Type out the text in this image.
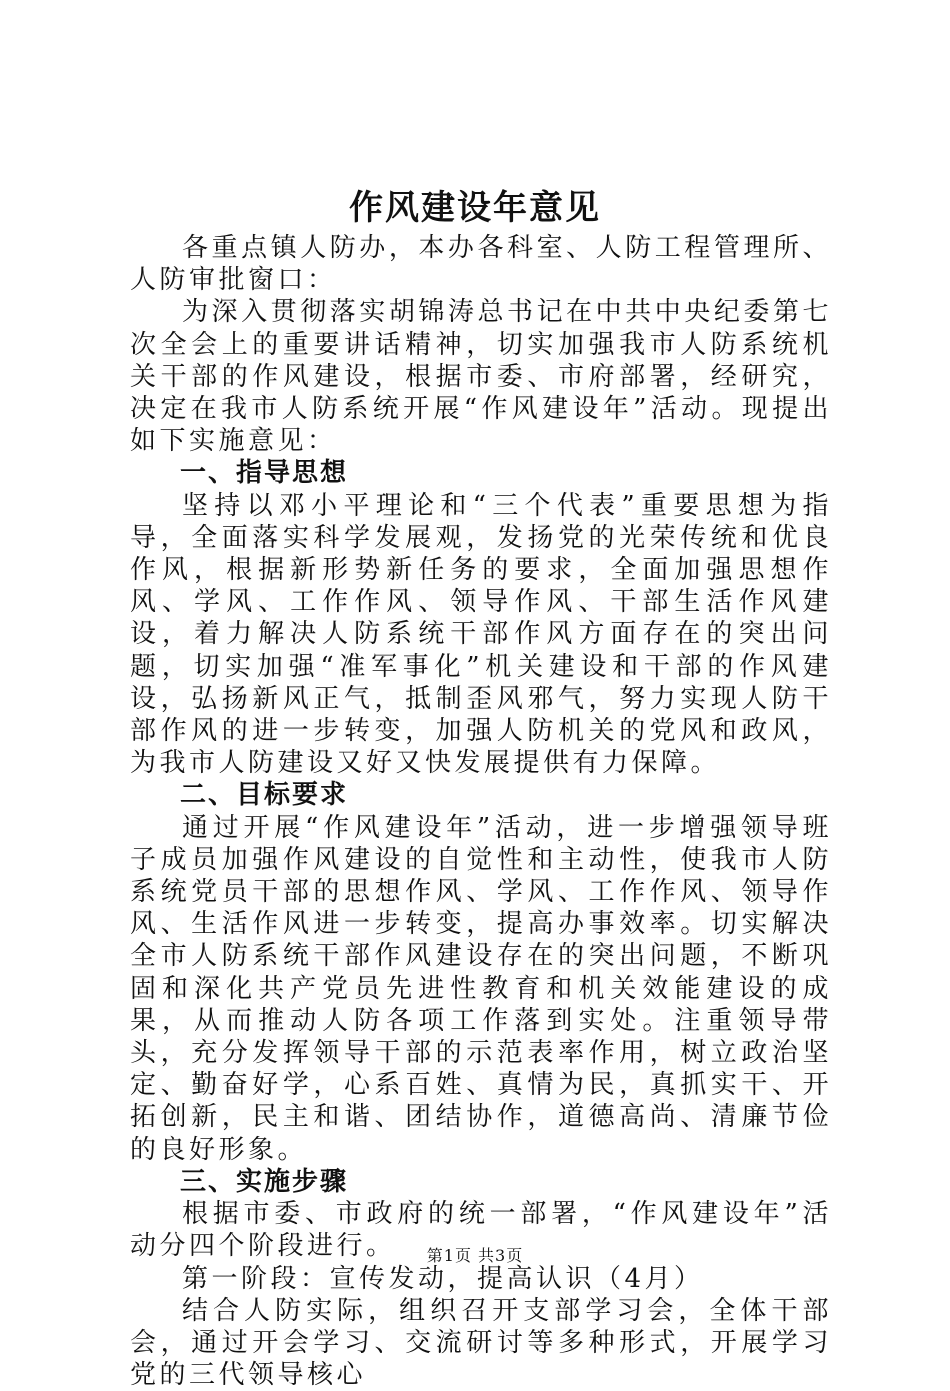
作风建设年意见

各重点镇人防办，本办各科室、人防工程管理所、人防审批窗口：

为深入贯彻落实胡锦涛总书记在中共中央纪委第七次全会上的重要讲话精神，切实加强我市人防系统机关干部的作风建设，根据市委、市府部署，经研究，决定在我市人防系统开展“作风建设年”活动。现提出如下实施意见：

一、指导思想

坚持以邓小平理论和“三个代表”重要思想为指导，全面落实科学发展观，发扬党的光荣传统和优良作风，根据新形势新任务的要求，全面加强思想作风、学风、工作作风、领导作风、干部生活作风建设，着力解决人防系统干部作风方面存在的突出问题，切实加强“准军事化”机关建设和干部的作风建设，弘扬新风正气，抵制歪风邪气，努力实现人防干部作风的进一步转变，加强人防机关的党风和政风，为我市人防建设又好又快发展提供有力保障。

二、目标要求

通过开展“作风建设年”活动，进一步增强领导班子成员加强作风建设的自觉性和主动性，使我市人防系统党员干部的思想作风、学风、工作作风、领导作风、生活作风进一步转变，提高办事效率。切实解决全市人防系统干部作风建设存在的突出问题，不断巩固和深化共产党员先进性教育和机关效能建设的成果，从而推动人防各项工作落到实处。注重领导带头，充分发挥领导干部的示范表率作用，树立政治坚定、勤奋好学，心系百姓、真情为民，真抓实干、开拓创新，民主和谐、团结协作，道德高尚、清廉节俭的良好形象。

三、实施步骤

根据市委、市政府的统一部署，“作风建设年”活动分四个阶段进行。

第一阶段：宣传发动，提高认识（4月）

结合人防实际，组织召开支部学习会，全体干部会，通过开会学习、交流研讨等多种形式，开展学习党的三代领导核心

第1页 共3页
